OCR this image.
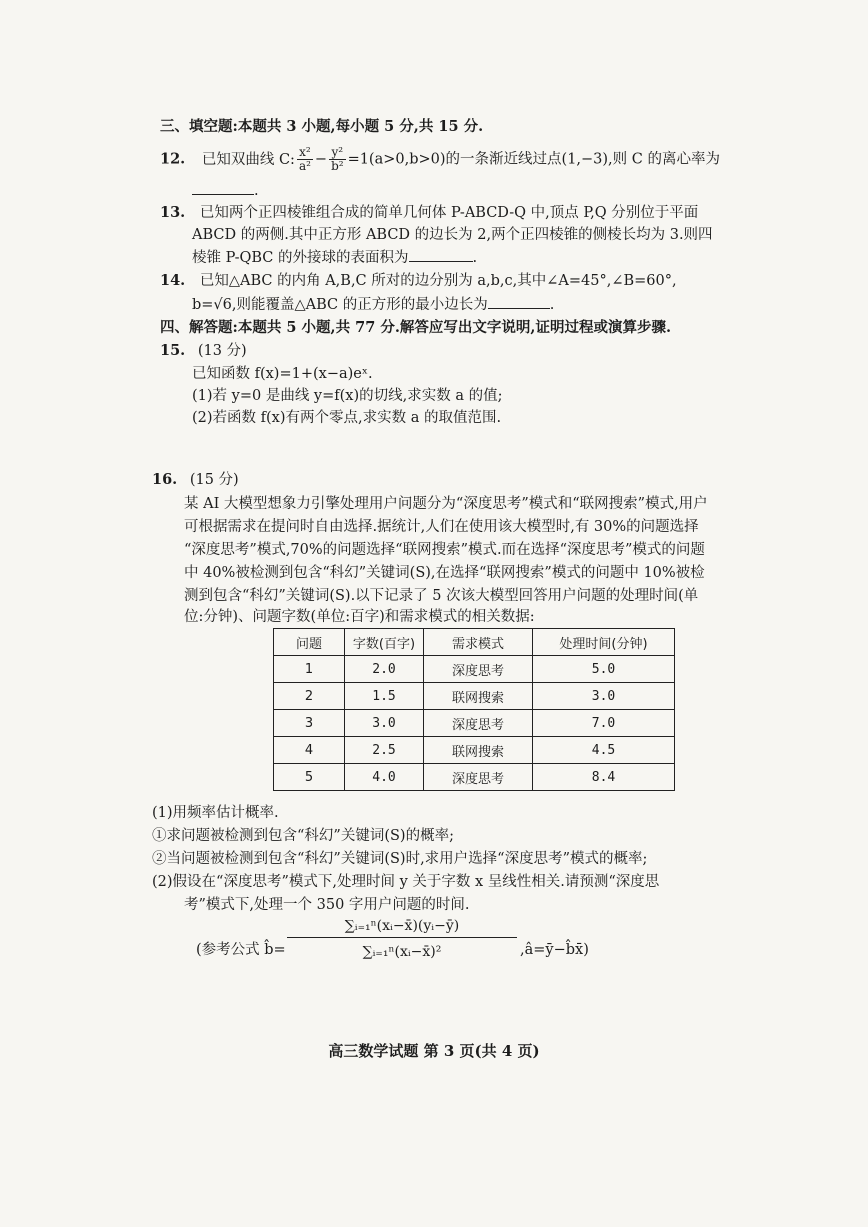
三、填空题:本题共 3 小题,每小题 5 分,共 15 分.
12. 已知双曲线 C: $\frac{\text{x²}}{\text{a²}} - \frac{\text{y²}}{\text{b²}} =1(a>0,b>0)$的一条渐近线过点(1,−3),则 C 的离心率为
.
13. 已知两个正四棱锥组合成的简单几何体 P-ABCD-Q 中,顶点 P,Q 分别位于平面
ABCD 的两侧.其中正方形 ABCD 的边长为 2,两个正四棱锥的侧棱长均为 3.则四
棱锥 P-QBC 的外接球的表面积为	.
14. 已知△ABC 的内角 A,B,C 所对的边分别为 a,b,c,其中∠A=45°,∠B=60°,
b=√6,则能覆盖△ABC 的正方形的最小边长为	.
四、解答题:本题共 5 小题,共 77 分.解答应写出文字说明,证明过程或演算步骤.
15. (13 分)
已知函数 f(x)=1+(x−a)eˣ.
(1)若 y=0 是曲线 y=f(x)的切线,求实数 a 的值;
(2)若函数 f(x)有两个零点,求实数 a 的取值范围.
16. (15 分)
某 AI 大模型想象力引擎处理用户问题分为“深度思考”模式和“联网搜索”模式,用户
可根据需求在提问时自由选择.据统计,人们在使用该大模型时,有 30%的问题选择
“深度思考”模式,70%的问题选择“联网搜索”模式.而在选择“深度思考”模式的问题
中 40%被检测到包含“科幻”关键词(S),在选择“联网搜索”模式的问题中 10%被检
测到包含“科幻”关键词(S).以下记录了 5 次该大模型回答用户问题的处理时间(单
位:分钟)、问题字数(单位:百字)和需求模式的相关数据:
问题	字数(百字)	需求模式	处理时间(分钟)
1	2.0	深度思考	5.0
2	1.5	联网搜索	3.0
3	3.0	深度思考	7.0
4	2.5	联网搜索	4.5
5	4.0	深度思考	8.4
(1)用频率估计概率.
①求问题被检测到包含“科幻”关键词(S)的概率;
②当问题被检测到包含“科幻”关键词(S)时,求用户选择“深度思考”模式的概率;
(2)假设在“深度思考”模式下,处理时间 y 关于字数 x 呈线性相关.请预测“深度思
考”模式下,处理一个 350 字用户问题的时间.
(参考公式 b̂= $\frac{\text{∑ᵢ₌₁ⁿ(xᵢ−x̄)(yᵢ−ȳ)}}{\text{∑ᵢ₌₁ⁿ(xᵢ−x̄)²}}$ ,â=ȳ−b̂x̄)
高三数学试题 第 3 页(共 4 页)
